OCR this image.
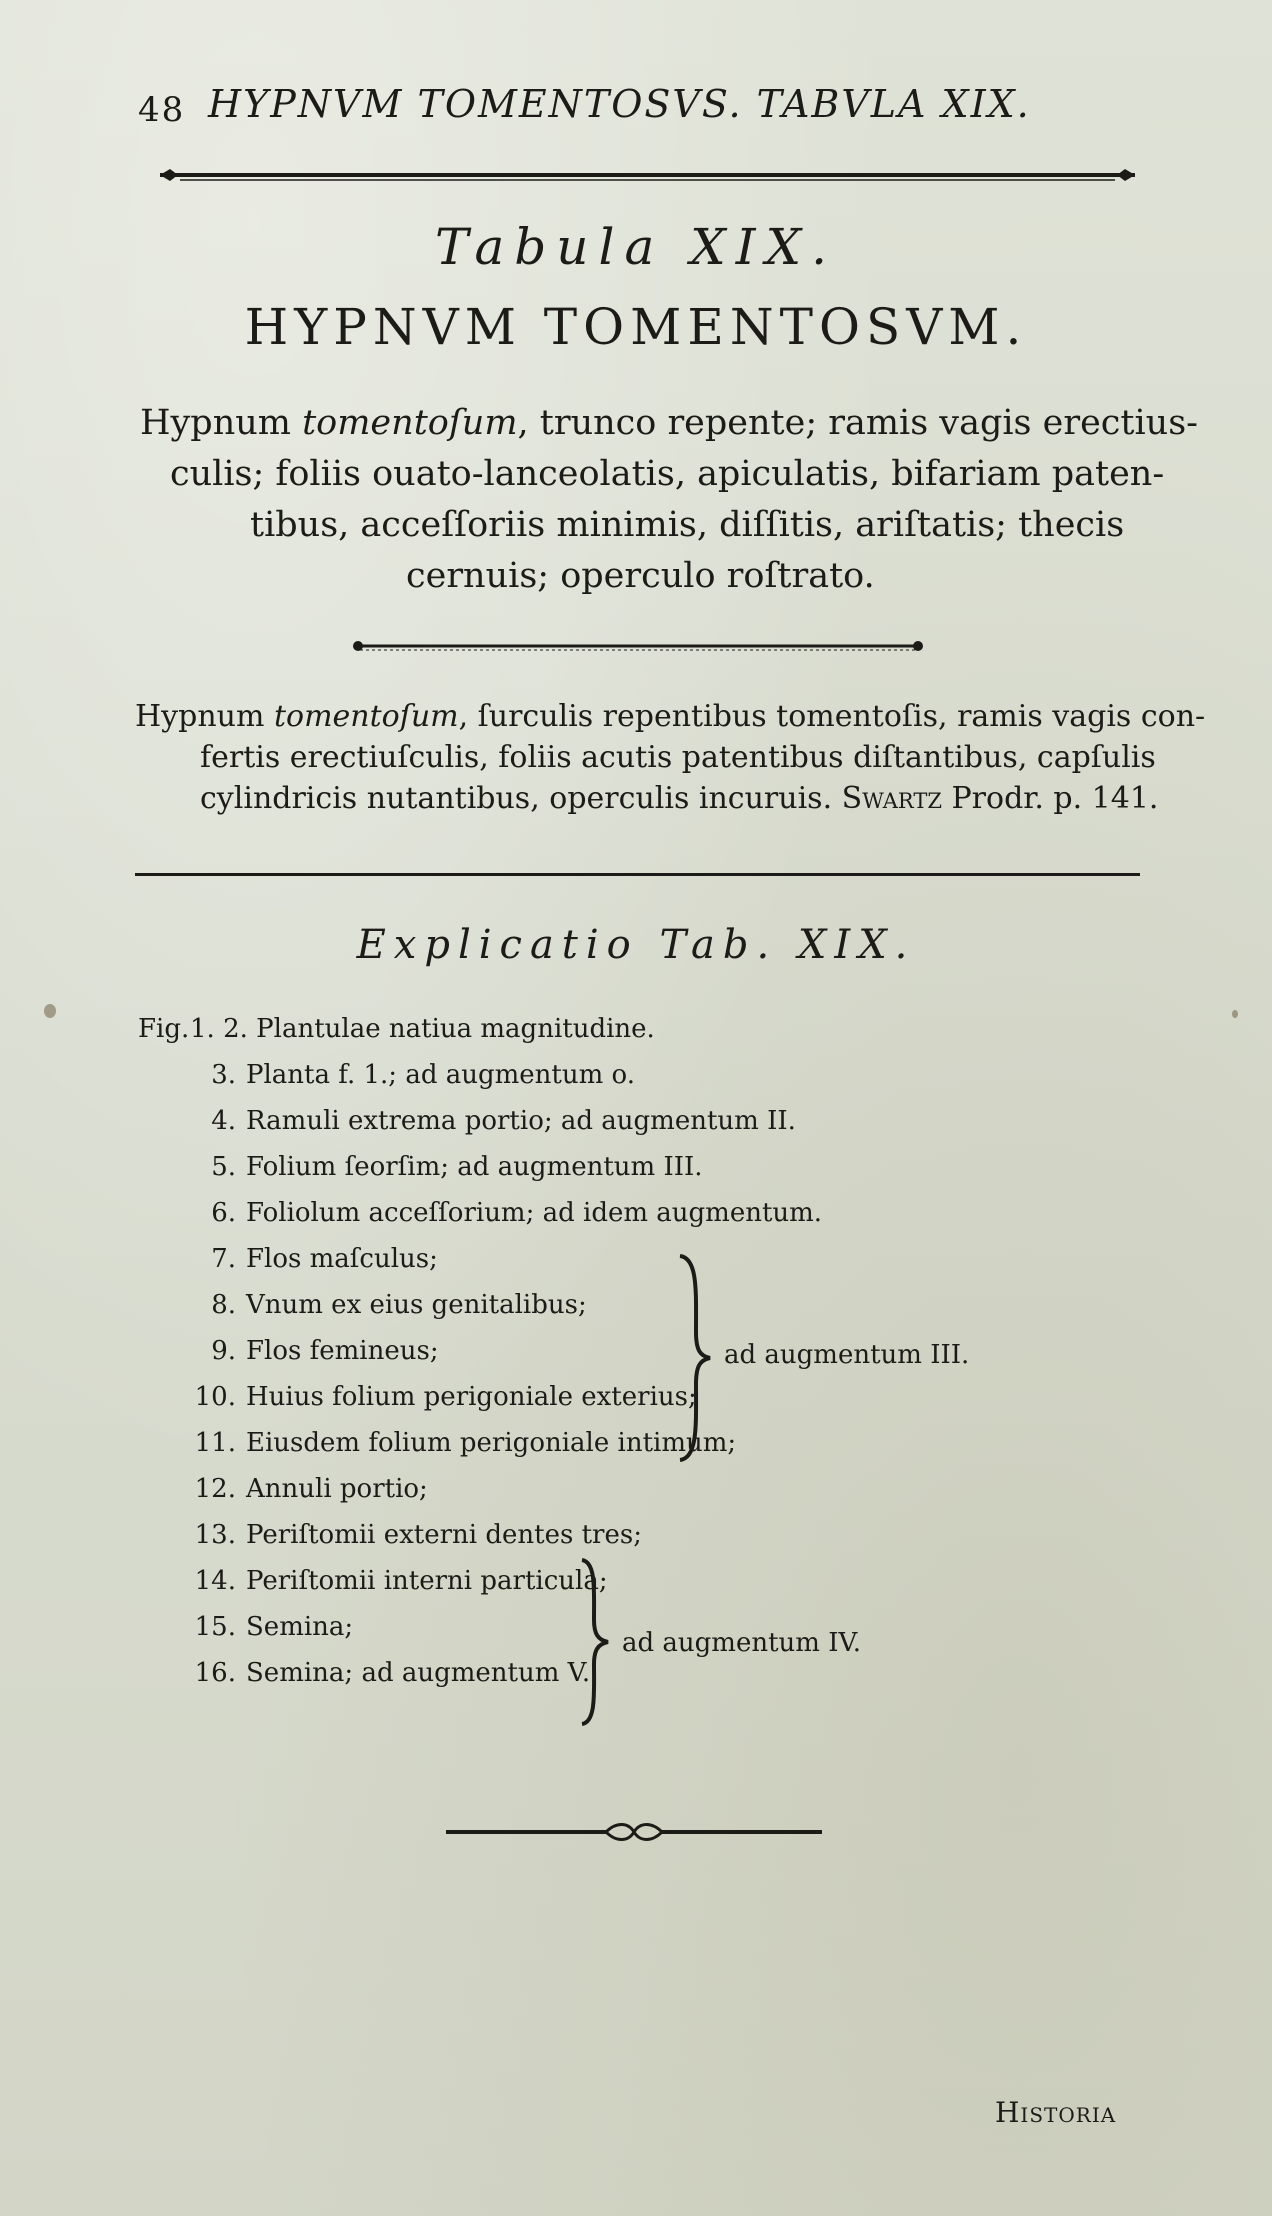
48 HYPNVM TOMENTOSVS. TABVLA XIX.
Tabula XIX.
HYPNVM TOMENTOSVM.
Hypnum tomentoſum, trunco repente; ramis vagis erectius-
culis; foliis ouato-lanceolatis, apiculatis, bifariam paten-
tibus, acceſſoriis minimis, diſſitis, ariſtatis; thecis
cernuis; operculo roſtrato.
Hypnum tomentoſum, ſurculis repentibus tomentoſis, ramis vagis con-
fertis erectiuſculis, foliis acutis patentibus diſtantibus, capſulis
cylindricis nutantibus, operculis incuruis. Swartz Prodr. p. 141.
Explicatio Tab. XIX.
Fig. 1. 2. Plantulae natiua magnitudine.
3. Planta f. 1.; ad augmentum o.
4. Ramuli extrema portio; ad augmentum II.
5. Folium ſeorſim; ad augmentum III.
6. Foliolum acceſſorium; ad idem augmentum.
7. Flos maſculus;
8. Vnum ex eius genitalibus;
9. Flos femineus;
10. Huius folium perigoniale exterius;
11. Eiusdem folium perigoniale intimum;
12. Annuli portio;
13. Periſtomii externi dentes tres;
14. Periſtomii interni particula;
15. Semina;
16. Semina; ad augmentum V.
ad augmentum III.
ad augmentum IV.
Historia
